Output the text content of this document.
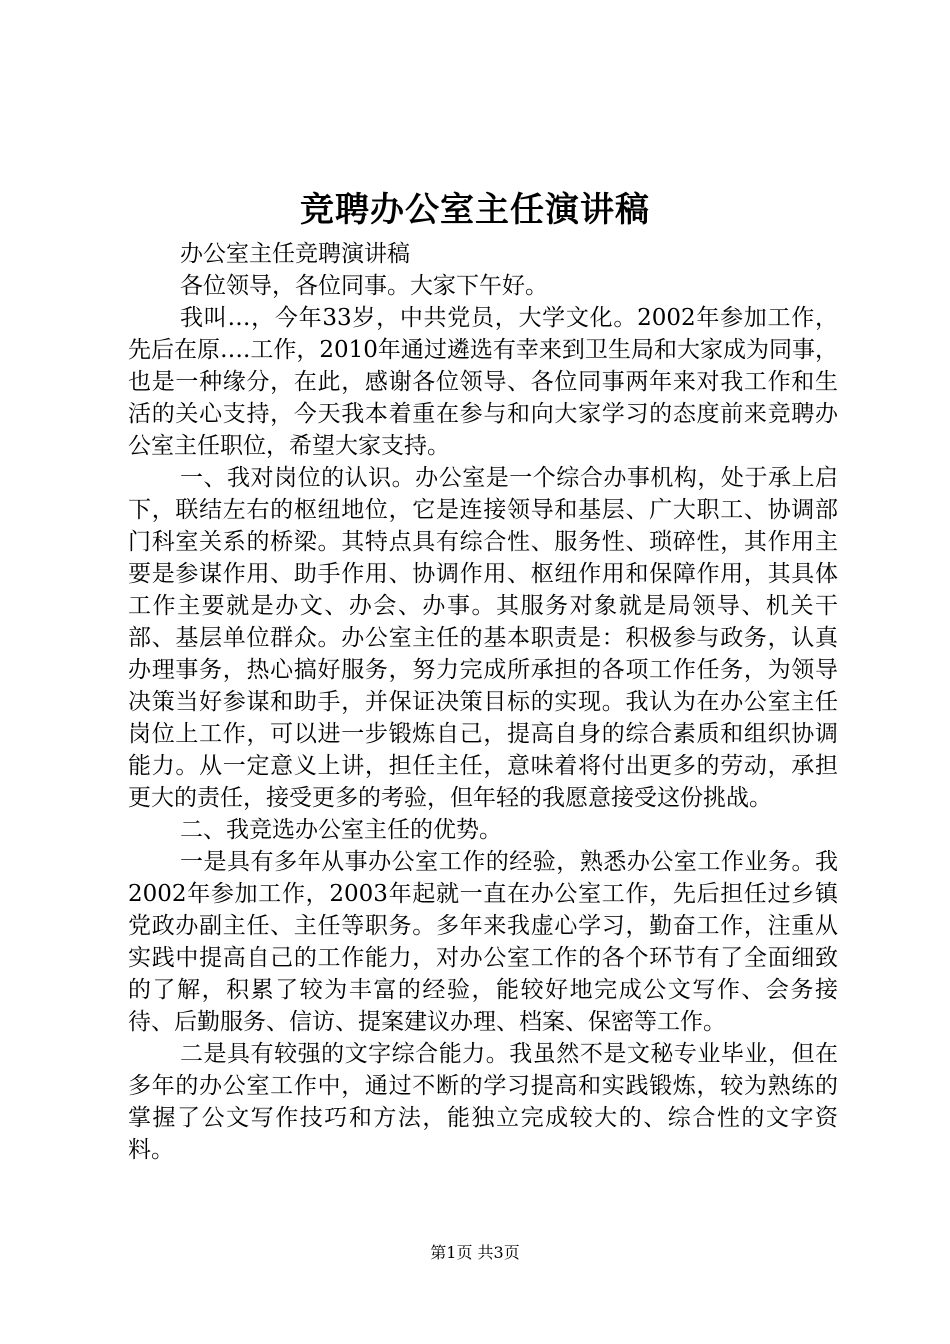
竞聘办公室主任演讲稿

办公室主任竞聘演讲稿

各位领导，各位同事。大家下午好。

我叫…，今年33岁，中共党员，大学文化。2002年参加工作，先后在原….工作，2010年通过遴选有幸来到卫生局和大家成为同事，也是一种缘分，在此，感谢各位领导、各位同事两年来对我工作和生活的关心支持，今天我本着重在参与和向大家学习的态度前来竞聘办公室主任职位，希望大家支持。

一、我对岗位的认识。办公室是一个综合办事机构，处于承上启下，联结左右的枢纽地位，它是连接领导和基层、广大职工、协调部门科室关系的桥梁。其特点具有综合性、服务性、琐碎性，其作用主要是参谋作用、助手作用、协调作用、枢纽作用和保障作用，其具体工作主要就是办文、办会、办事。其服务对象就是局领导、机关干部、基层单位群众。办公室主任的基本职责是：积极参与政务，认真办理事务，热心搞好服务，努力完成所承担的各项工作任务，为领导决策当好参谋和助手，并保证决策目标的实现。我认为在办公室主任岗位上工作，可以进一步锻炼自己，提高自身的综合素质和组织协调能力。从一定意义上讲，担任主任，意味着将付出更多的劳动，承担更大的责任，接受更多的考验，但年轻的我愿意接受这份挑战。

二、我竞选办公室主任的优势。

一是具有多年从事办公室工作的经验，熟悉办公室工作业务。我2002年参加工作，2003年起就一直在办公室工作，先后担任过乡镇党政办副主任、主任等职务。多年来我虚心学习，勤奋工作，注重从实践中提高自己的工作能力，对办公室工作的各个环节有了全面细致的了解，积累了较为丰富的经验，能较好地完成公文写作、会务接待、后勤服务、信访、提案建议办理、档案、保密等工作。

二是具有较强的文字综合能力。我虽然不是文秘专业毕业，但在多年的办公室工作中，通过不断的学习提高和实践锻炼，较为熟练的掌握了公文写作技巧和方法，能独立完成较大的、综合性的文字资料。

第1页 共3页
